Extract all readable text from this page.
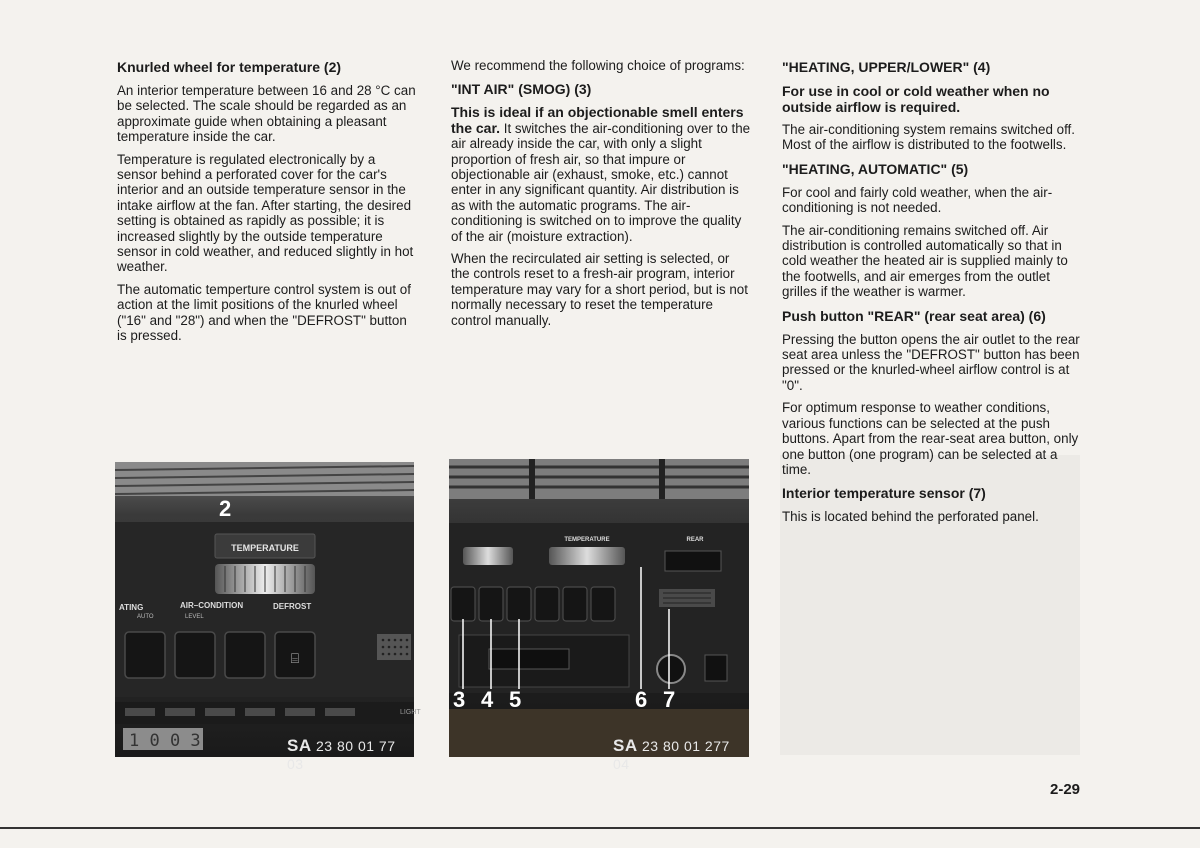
Knurled wheel for temperature (2)

An interior temperature between 16 and 28 °C can be selected. The scale should be regarded as an approximate guide when obtaining a pleasant temperature inside the car.

Temperature is regulated electronically by a sensor behind a perforated cover for the car's interior and an outside temperature sensor in the intake airflow at the fan. After starting, the desired setting is obtained as rapidly as possible; it is increased slightly by the outside temperature sensor in cold weather, and reduced slightly in hot weather.

The automatic temperture control system is out of action at the limit positions of the knurled wheel ("16" and "28") and when the "DEFROST" button is pressed.

We recommend the following choice of programs:

"INT AIR" (SMOG) (3)

This is ideal if an objectionable smell enters the car. It switches the air-conditioning over to the air already inside the car, with only a slight proportion of fresh air, so that impure or objectionable air (exhaust, smoke, etc.) cannot enter in any significant quantity. Air distribution is as with the automatic programs. The air-conditioning is switched on to improve the quality of the air (moisture extraction).

When the recirculated air setting is selected, or the controls reset to a fresh-air program, interior temperature may vary for a short period, but is not normally necessary to reset the temperature control manually.

"HEATING, UPPER/LOWER" (4)

For use in cool or cold weather when no outside airflow is required.

The air-conditioning system remains switched off. Most of the airflow is distributed to the footwells.

"HEATING, AUTOMATIC" (5)

For cool and fairly cold weather, when the air-conditioning is not needed.

The air-conditioning remains switched off. Air distribution is controlled automatically so that in cold weather the heated air is supplied mainly to the footwells, and air emerges from the outlet grilles if the weather is warmer.

Push button "REAR" (rear seat area) (6)

Pressing the button opens the air outlet to the rear seat area unless the "DEFROST" button has been pressed or the knurled-wheel airflow control is at "0".

For optimum response to weather conditions, various functions can be selected at the push buttons. Apart from the rear-seat area button, only one button (one program) can be selected at a time.

Interior temperature sensor (7)

This is located behind the perforated panel.

TEMPERATURE
ATING	AIR–CONDITION	DEFROST
AUTO	LEVEL
⌸
LIGHT
1 0 0 3
2
SA 23 80 01 77 03
TEMPERATURE	REAR
3 4 5	6 7
SA 23 80 01 277 04
2-29
